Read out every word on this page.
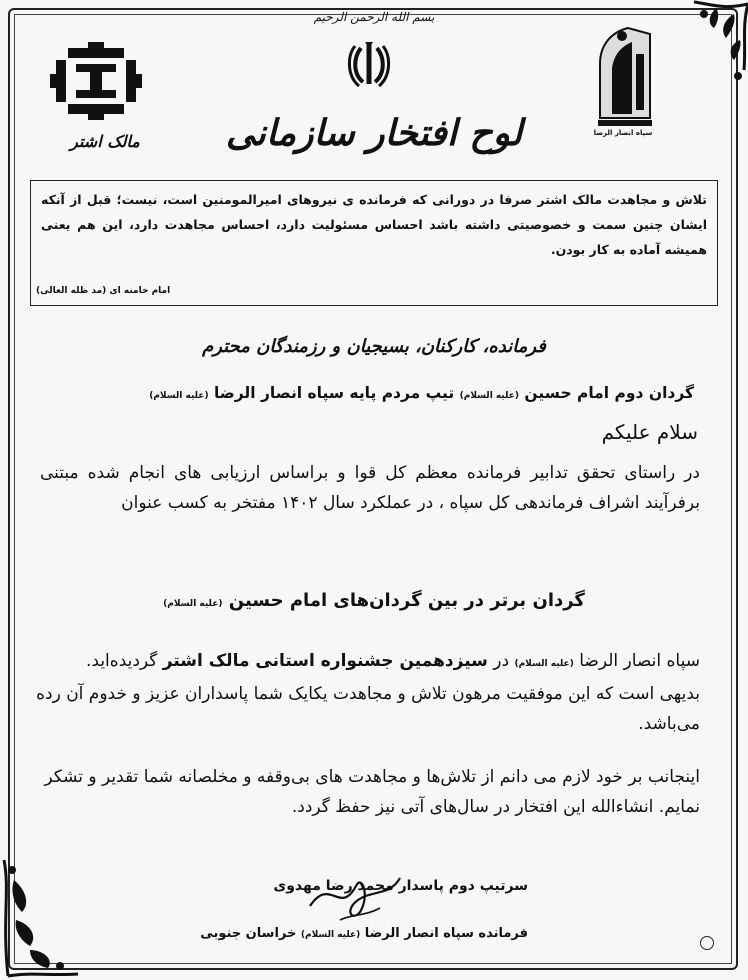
بسم الله الرحمن الرحیم
لوح افتخار سازمانی
مالک اشتر	سپاه انصار الرضا

تلاش و مجاهدت مالک اشتر صرفا در دورانی که فرمانده ی نیروهای امیرالمومنین است، نیست؛ قبل از آنکه ایشان چنین سمت و خصوصیتی داشته باشد احساس مسئولیت دارد، احساس مجاهدت دارد، این هم یعنی همیشه آماده به کار بودن.

امام خامنه ای (مد ظله العالی)
فرمانده، کارکنان، بسیجیان و رزمندگان محترم
گردان دوم امام حسین (علیه السلام) تیپ مردم پایه سپاه انصار الرضا (علیه السلام)
سلام علیکم

در راستای تحقق تدابیر فرمانده معظم کل قوا و براساس ارزیابی های انجام شده مبتنی برفرآیند اشراف فرماندهی کل سپاه ، در عملکرد سال ۱۴۰۲ مفتخر به کسب عنوان

گردان برتر در بین گردان‌های امام حسین (علیه السلام)

سپاه انصار الرضا (علیه السلام) در سیزدهمین جشنواره استانی مالک اشتر گردیده‌اید.

بدیهی است که این موفقیت مرهون تلاش و مجاهدت یکایک شما پاسداران عزیز و خدوم آن رده می‌باشد.

اینجانب بر خود لازم می دانم از تلاش‌ها و مجاهدت های بی‌وقفه و مخلصانه شما تقدیر و تشکر نمایم. انشاءالله این افتخار در سال‌های آتی نیز حفظ گردد.

سرتیپ دوم پاسدار محمد رضا مهدوی
فرمانده سپاه انصار الرضا (علیه السلام) خراسان جنوبی
